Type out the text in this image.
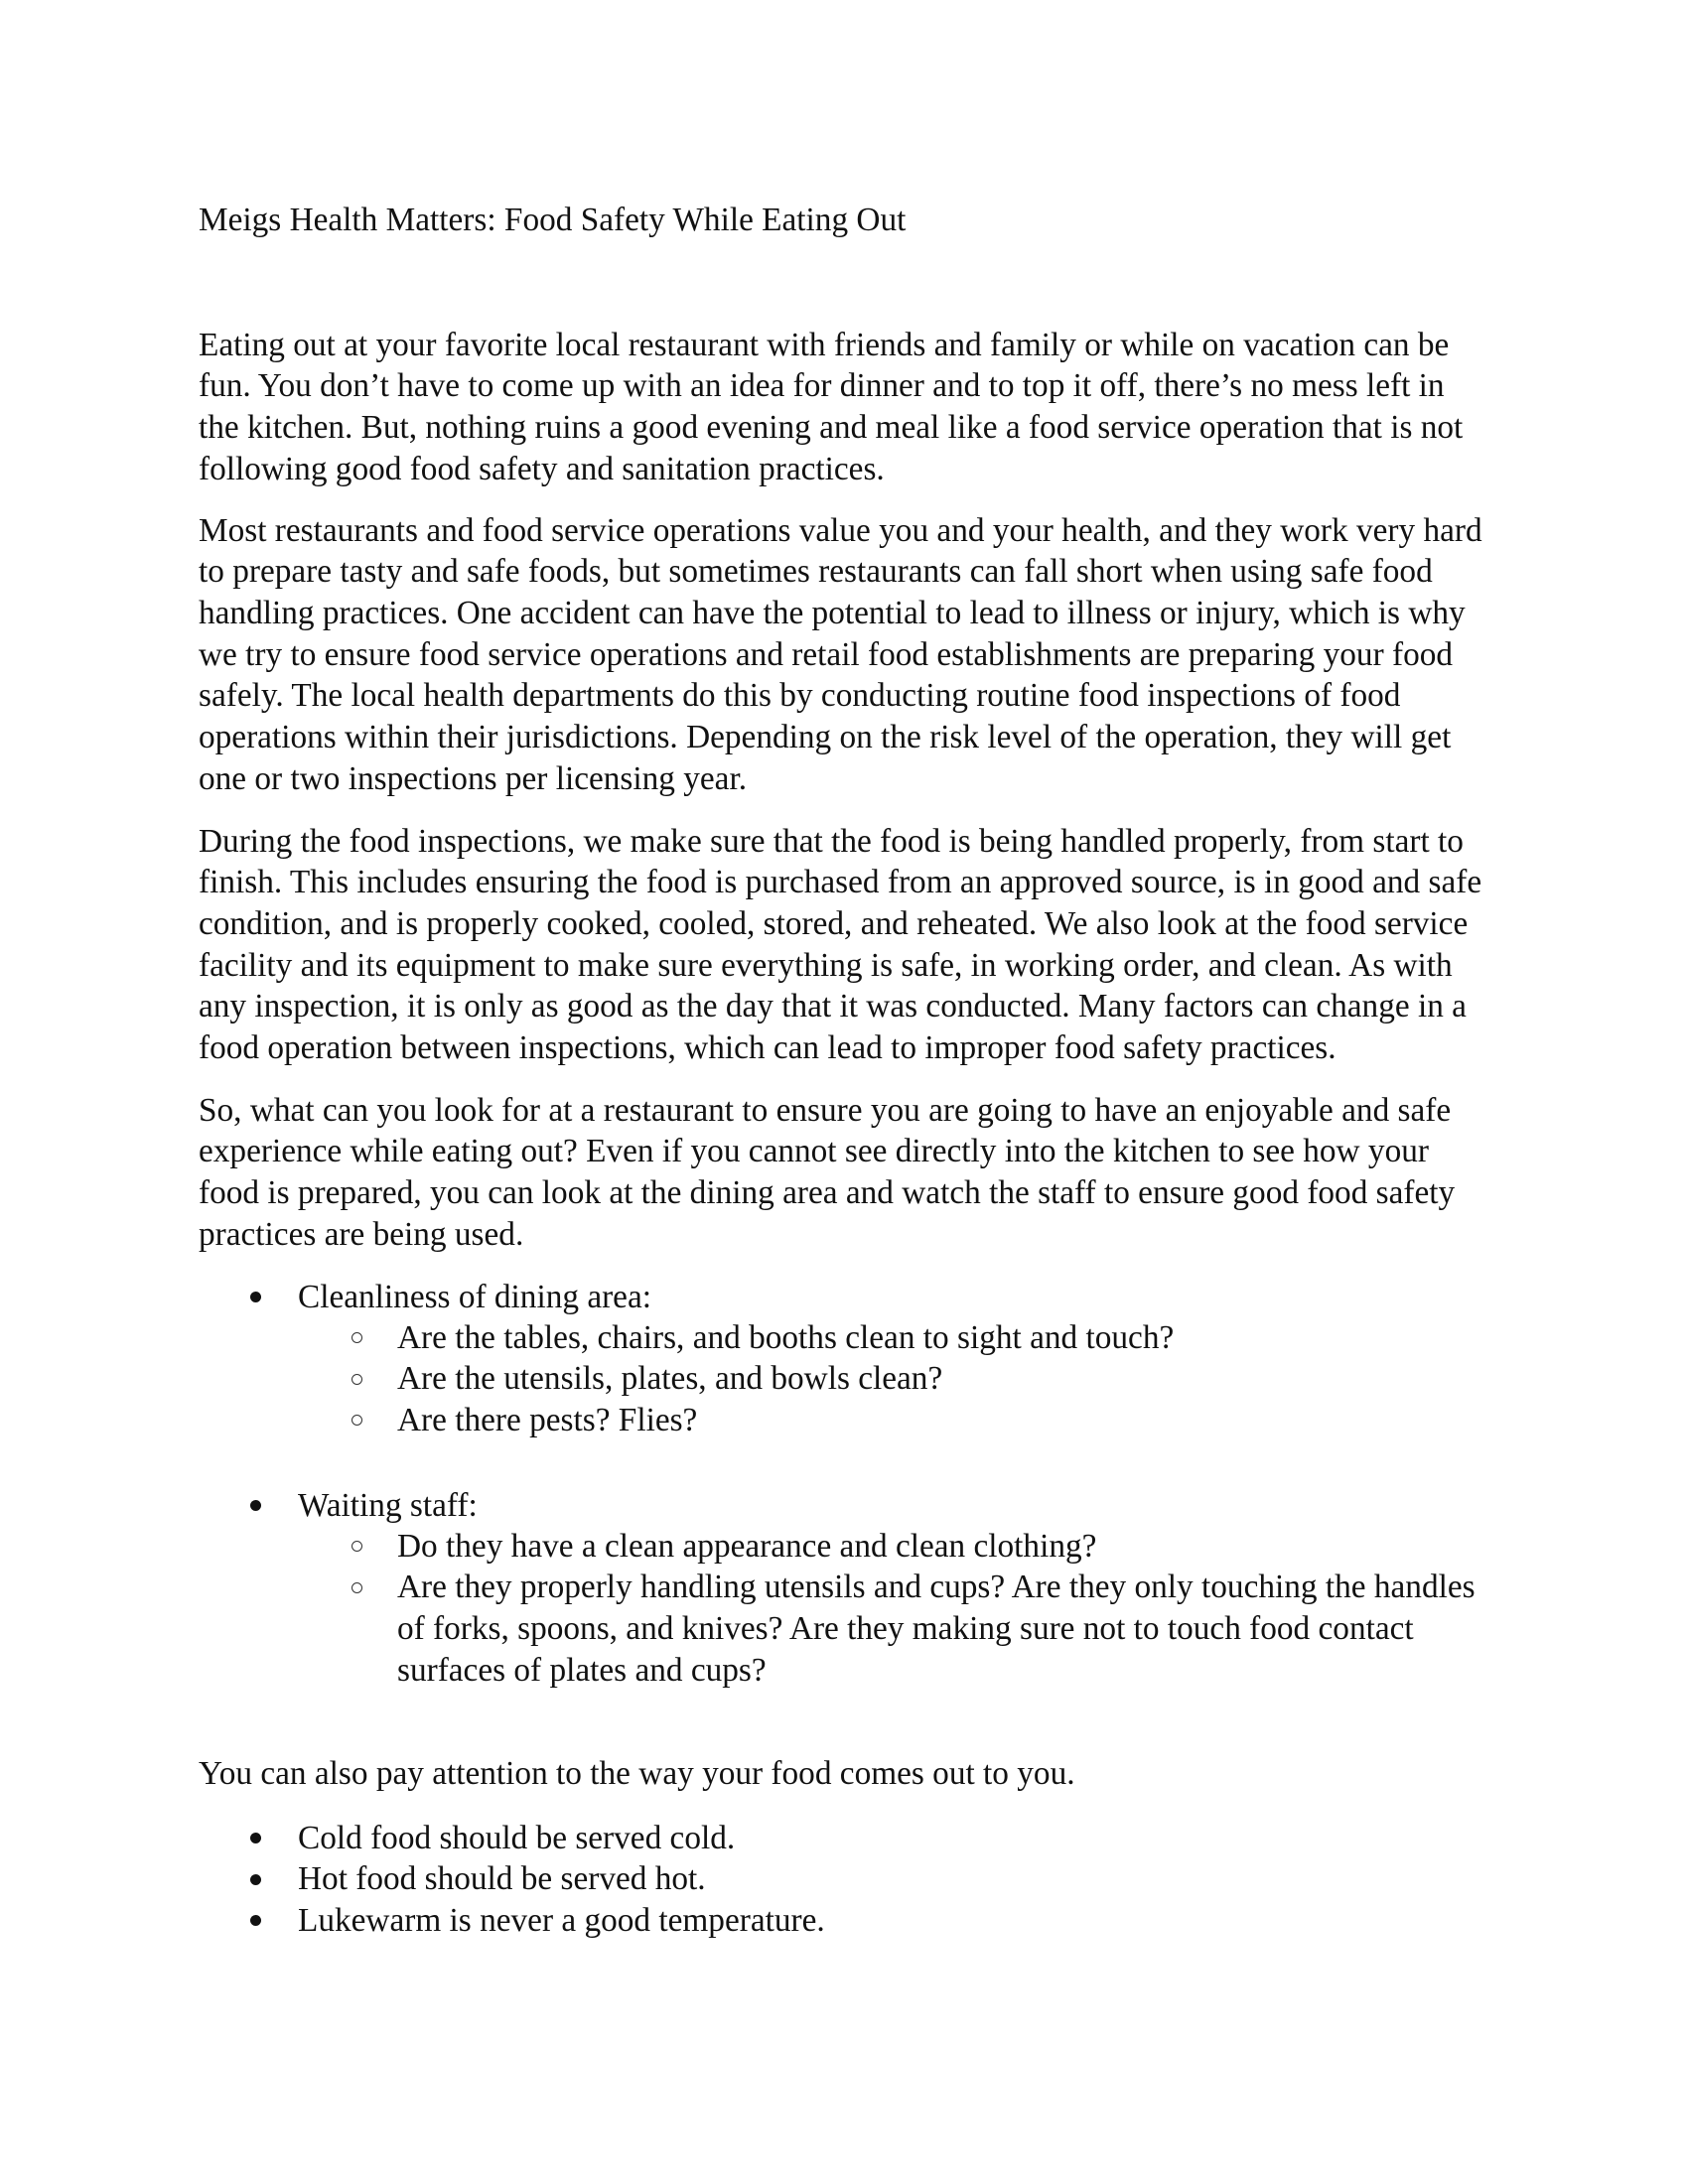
Meigs Health Matters: Food Safety While Eating Out
Eating out at your favorite local restaurant with friends and family or while on vacation can be
fun. You don’t have to come up with an idea for dinner and to top it off, there’s no mess left in
the kitchen. But, nothing ruins a good evening and meal like a food service operation that is not
following good food safety and sanitation practices.
Most restaurants and food service operations value you and your health, and they work very hard
to prepare tasty and safe foods, but sometimes restaurants can fall short when using safe food
handling practices. One accident can have the potential to lead to illness or injury, which is why
we try to ensure food service operations and retail food establishments are preparing your food
safely. The local health departments do this by conducting routine food inspections of food
operations within their jurisdictions. Depending on the risk level of the operation, they will get
one or two inspections per licensing year.
During the food inspections, we make sure that the food is being handled properly, from start to
finish. This includes ensuring the food is purchased from an approved source, is in good and safe
condition, and is properly cooked, cooled, stored, and reheated. We also look at the food service
facility and its equipment to make sure everything is safe, in working order, and clean. As with
any inspection, it is only as good as the day that it was conducted. Many factors can change in a
food operation between inspections, which can lead to improper food safety practices.
So, what can you look for at a restaurant to ensure you are going to have an enjoyable and safe
experience while eating out? Even if you cannot see directly into the kitchen to see how your
food is prepared, you can look at the dining area and watch the staff to ensure good food safety
practices are being used.
Cleanliness of dining area:
Are the tables, chairs, and booths clean to sight and touch?
Are the utensils, plates, and bowls clean?
Are there pests? Flies?
Waiting staff:
Do they have a clean appearance and clean clothing?
Are they properly handling utensils and cups? Are they only touching the handles
of forks, spoons, and knives? Are they making sure not to touch food contact
surfaces of plates and cups?
You can also pay attention to the way your food comes out to you.
Cold food should be served cold.
Hot food should be served hot.
Lukewarm is never a good temperature.
